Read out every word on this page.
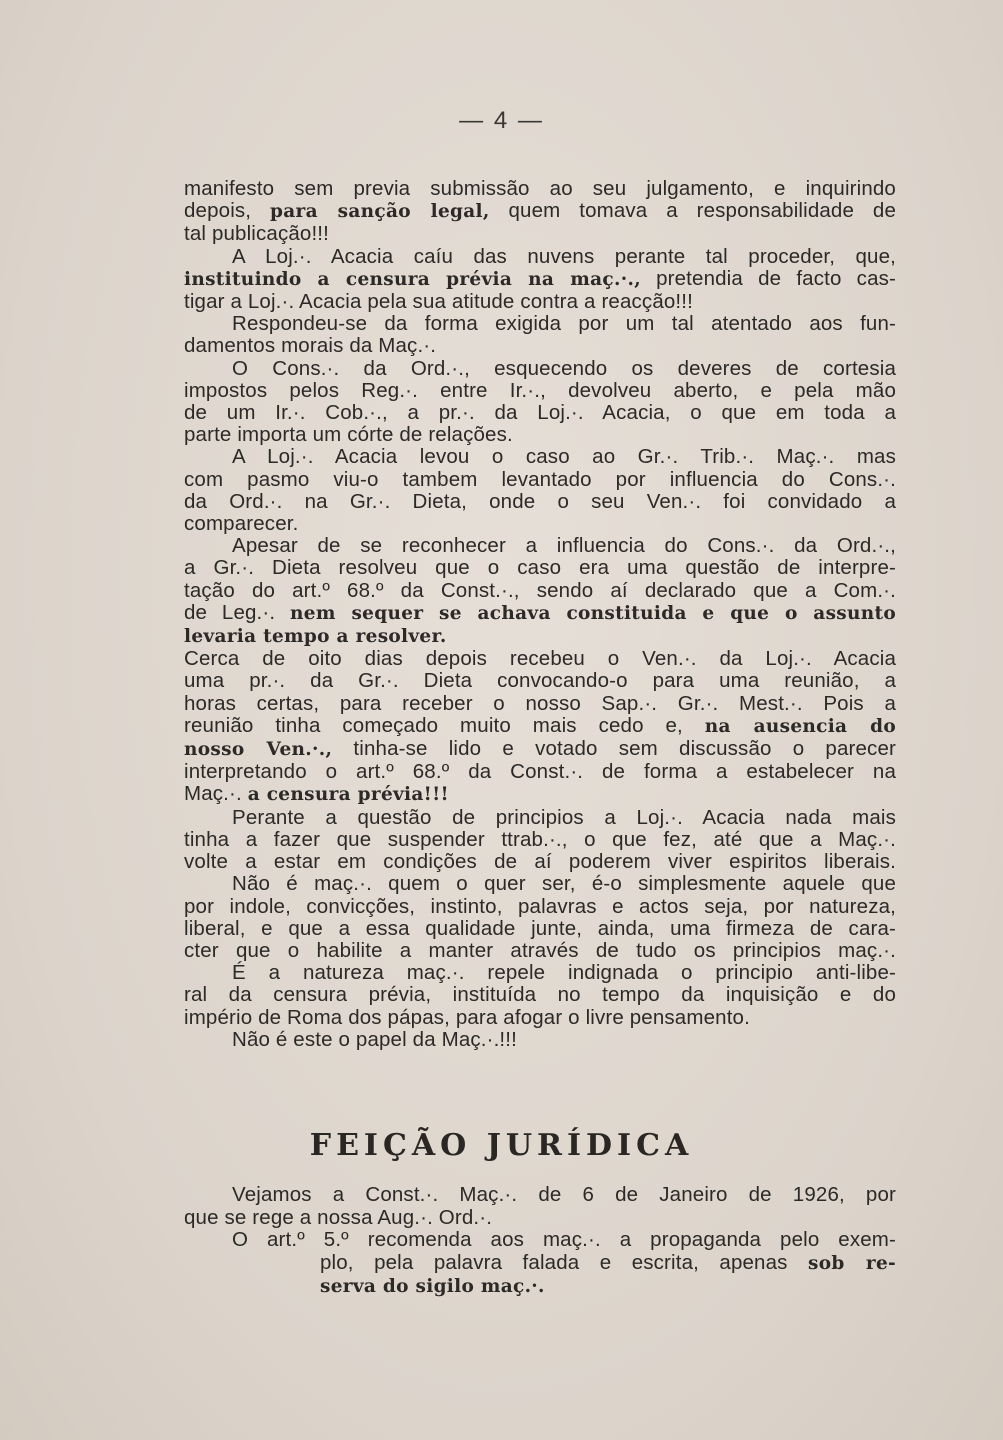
— 4 —
manifesto sem previa submissão ao seu julgamento, e inquirindo
depois, para sanção legal, quem tomava a responsabilidade de
tal publicação!!!
A Loj.·. Acacia caíu das nuvens perante tal proceder, que,
instituindo a censura prévia na maç.·., pretendia de facto cas-
tigar a Loj.·. Acacia pela sua atitude contra a reacção!!!
Respondeu-se da forma exigida por um tal atentado aos fun-
damentos morais da Maç.·.
O Cons.·. da Ord.·., esquecendo os deveres de cortesia
impostos pelos Reg.·. entre Ir.·., devolveu aberto, e pela mão
de um Ir.·. Cob.·., a pr.·. da Loj.·. Acacia, o que em toda a
parte importa um córte de relações.
A Loj.·. Acacia levou o caso ao Gr.·. Trib.·. Maç.·. mas
com pasmo viu-o tambem levantado por influencia do Cons.·.
da Ord.·. na Gr.·. Dieta, onde o seu Ven.·. foi convidado a
comparecer.
Apesar de se reconhecer a influencia do Cons.·. da Ord.·.,
a Gr.·. Dieta resolveu que o caso era uma questão de interpre-
tação do art.º 68.º da Const.·., sendo aí declarado que a Com.·.
de Leg.·. nem sequer se achava constituida e que o assunto
levaria tempo a resolver.
Cerca de oito dias depois recebeu o Ven.·. da Loj.·. Acacia
uma pr.·. da Gr.·. Dieta convocando-o para uma reunião, a
horas certas, para receber o nosso Sap.·. Gr.·. Mest.·. Pois a
reunião tinha começado muito mais cedo e, na ausencia do
nosso Ven.·., tinha-se lido e votado sem discussão o parecer
interpretando o art.º 68.º da Const.·. de forma a estabelecer na
Maç.·. a censura prévia!!!
Perante a questão de principios a Loj.·. Acacia nada mais
tinha a fazer que suspender ttrab.·., o que fez, até que a Maç.·.
volte a estar em condições de aí poderem viver espiritos liberais.
Não é maç.·. quem o quer ser, é-o simplesmente aquele que
por indole, convicções, instinto, palavras e actos seja, por natureza,
liberal, e que a essa qualidade junte, ainda, uma firmeza de cara-
cter que o habilite a manter através de tudo os principios maç.·.
É a natureza maç.·. repele indignada o principio anti-libe-
ral da censura prévia, instituída no tempo da inquisição e do
império de Roma dos pápas, para afogar o livre pensamento.
Não é este o papel da Maç.·.!!!
FEIÇÃO JURÍDICA
Vejamos a Const.·. Maç.·. de 6 de Janeiro de 1926, por
que se rege a nossa Aug.·. Ord.·.
O art.º 5.º recomenda aos maç.·. a propaganda pelo exem-
plo, pela palavra falada e escrita, apenas sob re-
serva do sigilo maç.·.
